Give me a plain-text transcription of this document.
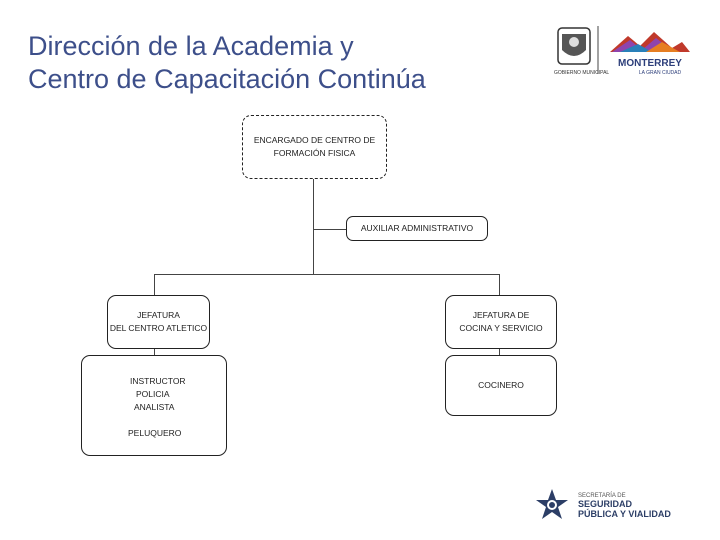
Dirección de la Academia y
Centro de Capacitación Continúa	GOBIERNO MUNICIPAL
MONTERREY
LA GRAN CIUDAD
ENCARGADO DE CENTRO DE
FORMACIÓN FISICA
AUXILIAR ADMINISTRATIVO
JEFATURA
DEL CENTRO ATLETICO
JEFATURA DE
COCINA Y SERVICIO
INSTRUCTOR
POLICIA
ANALISTA
PELUQUERO
COCINERO
SECRETARÍA DE
SEGURIDAD
PÚBLICA Y VIALIDAD
